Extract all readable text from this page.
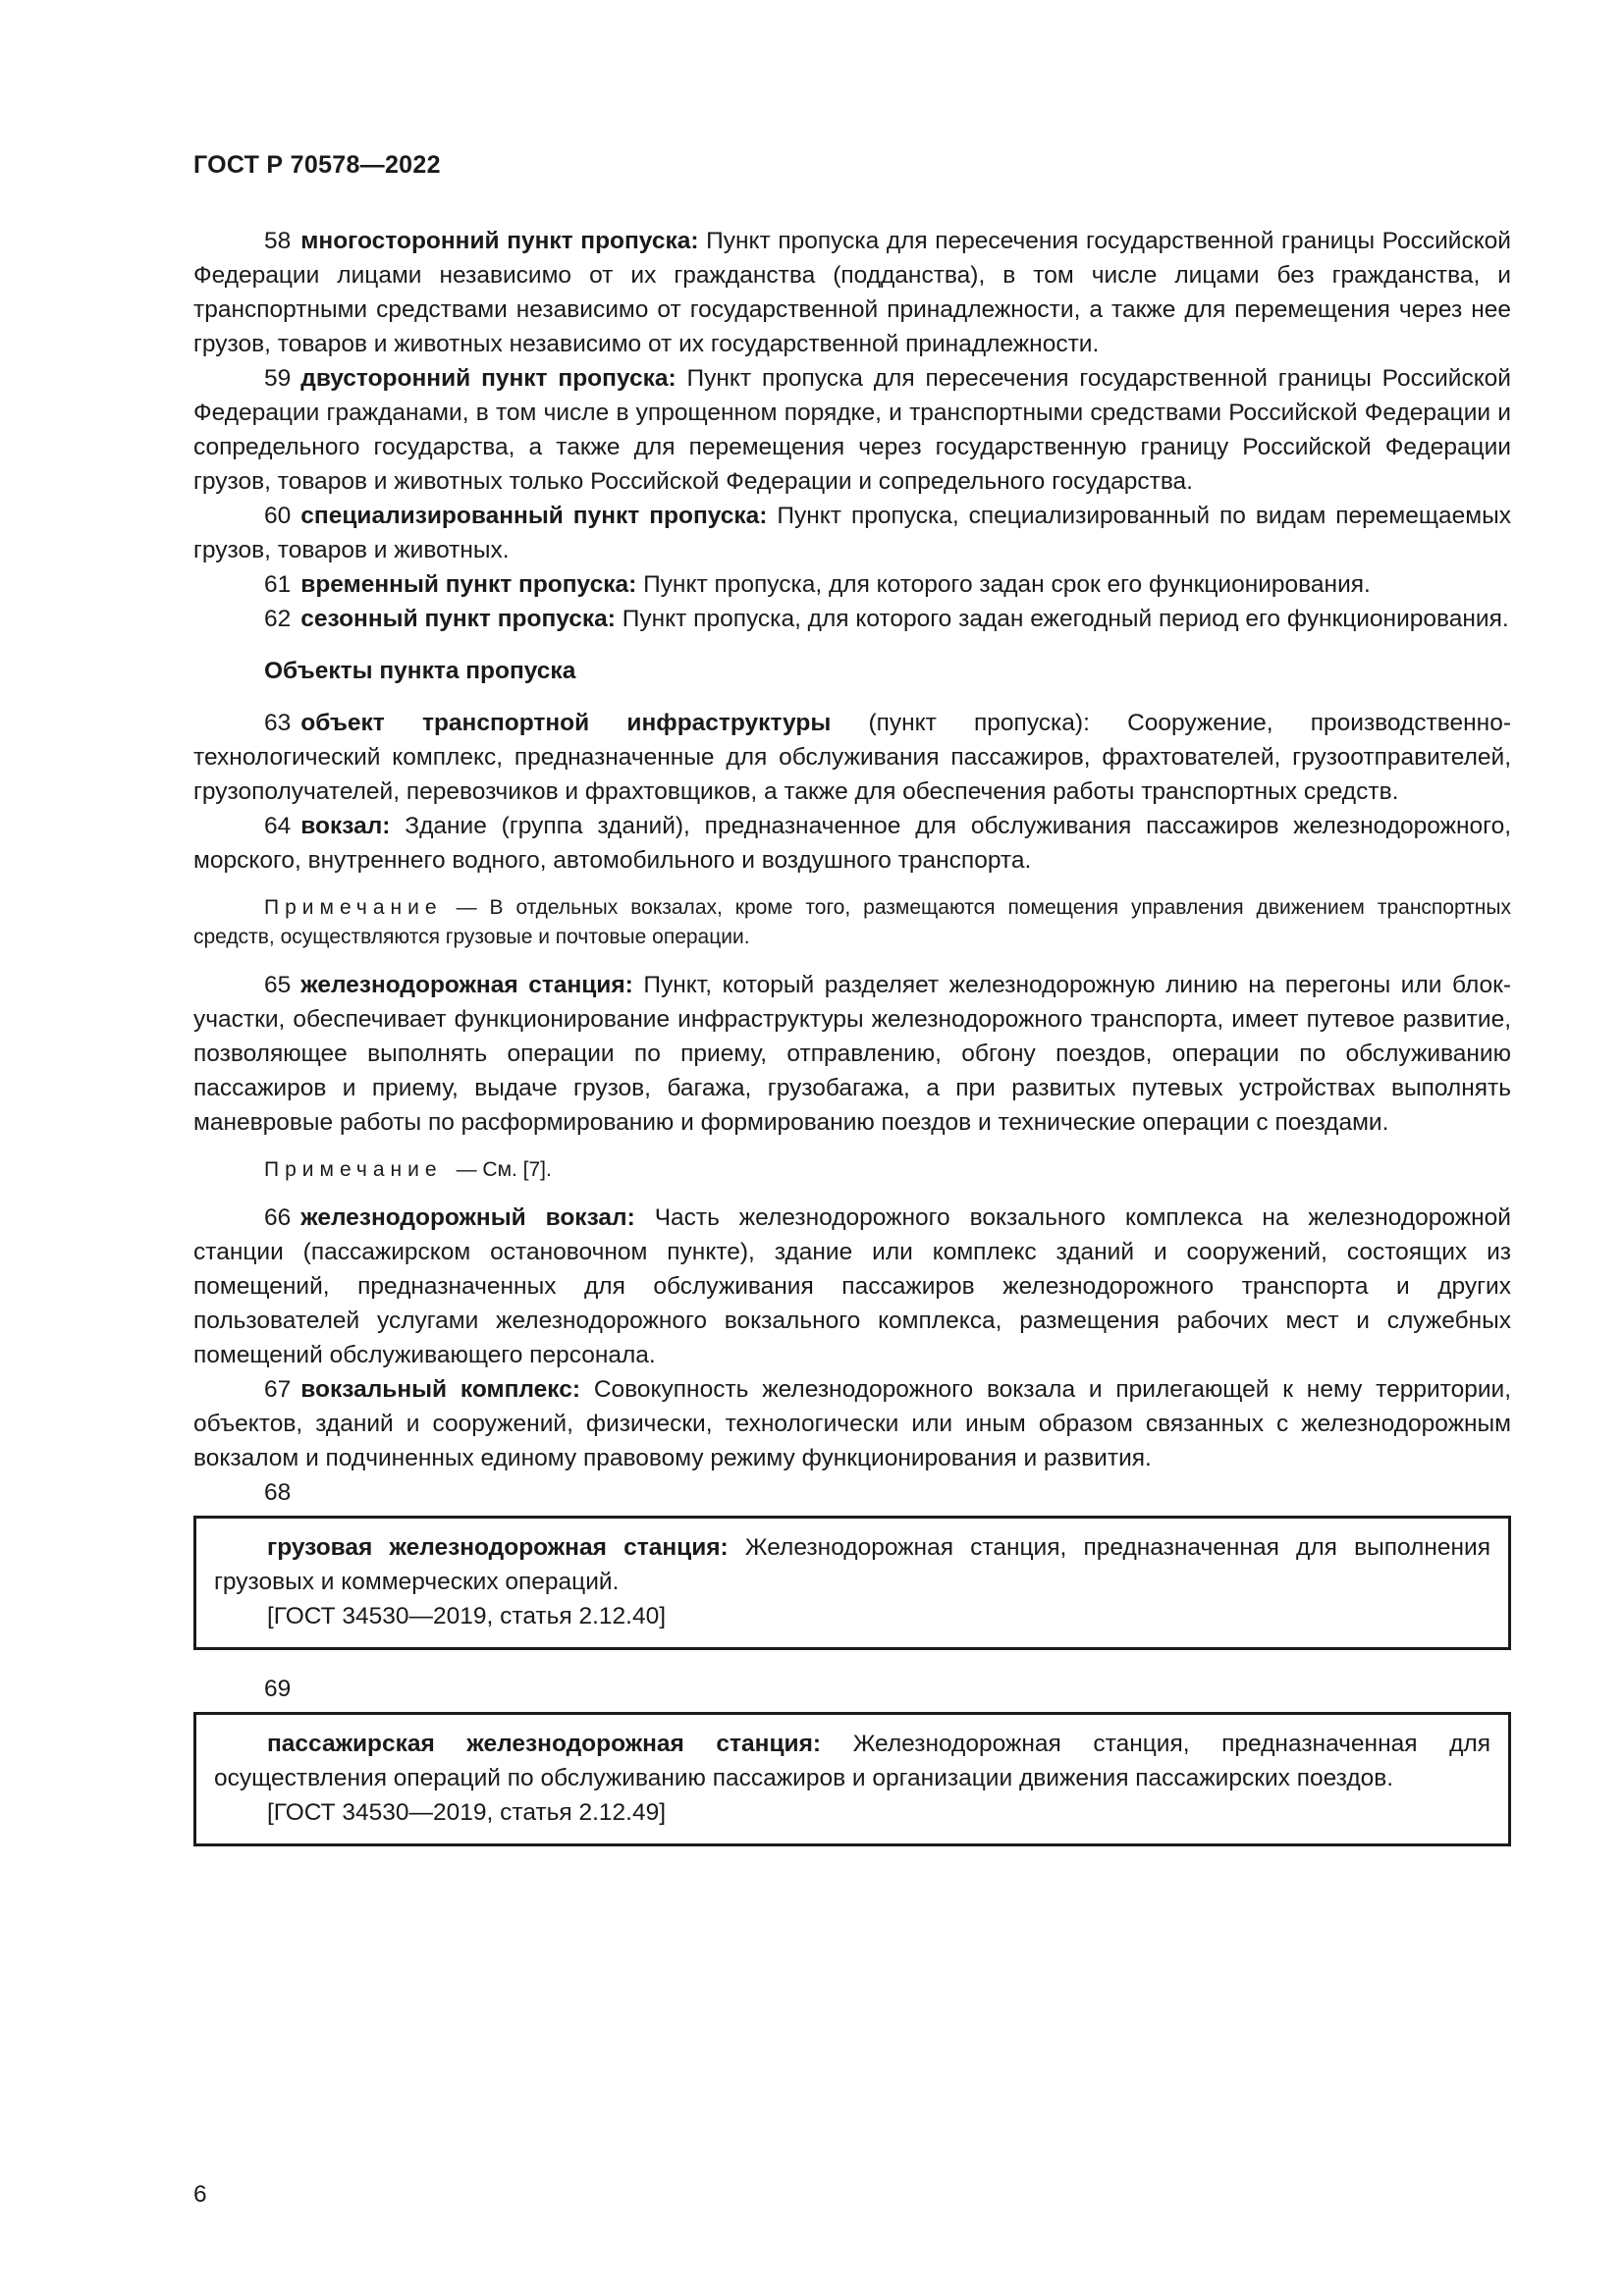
ГОСТ Р 70578—2022

58 многосторонний пункт пропуска: Пункт пропуска для пересечения государственной границы Российской Федерации лицами независимо от их гражданства (подданства), в том числе лицами без гражданства, и транспортными средствами независимо от государственной принадлежности, а также для перемещения через нее грузов, товаров и животных независимо от их государственной принадлежности.

59 двусторонний пункт пропуска: Пункт пропуска для пересечения государственной границы Российской Федерации гражданами, в том числе в упрощенном порядке, и транспортными средствами Российской Федерации и сопредельного государства, а также для перемещения через государственную границу Российской Федерации грузов, товаров и животных только Российской Федерации и сопредельного государства.

60 специализированный пункт пропуска: Пункт пропуска, специализированный по видам перемещаемых грузов, товаров и животных.

61 временный пункт пропуска: Пункт пропуска, для которого задан срок его функционирования.

62 сезонный пункт пропуска: Пункт пропуска, для которого задан ежегодный период его функционирования.

Объекты пункта пропуска

63 объект транспортной инфраструктуры (пункт пропуска): Сооружение, производственно-технологический комплекс, предназначенные для обслуживания пассажиров, фрахтователей, грузоотправителей, грузополучателей, перевозчиков и фрахтовщиков, а также для обеспечения работы транспортных средств.

64 вокзал: Здание (группа зданий), предназначенное для обслуживания пассажиров железнодорожного, морского, внутреннего водного, автомобильного и воздушного транспорта.

Примечание — В отдельных вокзалах, кроме того, размещаются помещения управления движением транспортных средств, осуществляются грузовые и почтовые операции.

65 железнодорожная станция: Пункт, который разделяет железнодорожную линию на перегоны или блок-участки, обеспечивает функционирование инфраструктуры железнодорожного транспорта, имеет путевое развитие, позволяющее выполнять операции по приему, отправлению, обгону поездов, операции по обслуживанию пассажиров и приему, выдаче грузов, багажа, грузобагажа, а при развитых путевых устройствах выполнять маневровые работы по расформированию и формированию поездов и технические операции с поездами.

Примечание — См. [7].

66 железнодорожный вокзал: Часть железнодорожного вокзального комплекса на железнодорожной станции (пассажирском остановочном пункте), здание или комплекс зданий и сооружений, состоящих из помещений, предназначенных для обслуживания пассажиров железнодорожного транспорта и других пользователей услугами железнодорожного вокзального комплекса, размещения рабочих мест и служебных помещений обслуживающего персонала.

67 вокзальный комплекс: Совокупность железнодорожного вокзала и прилегающей к нему территории, объектов, зданий и сооружений, физически, технологически или иным образом связанных с железнодорожным вокзалом и подчиненных единому правовому режиму функционирования и развития.

68

грузовая железнодорожная станция: Железнодорожная станция, предназначенная для выполнения грузовых и коммерческих операций.

[ГОСТ 34530—2019, статья 2.12.40]

69

пассажирская железнодорожная станция: Железнодорожная станция, предназначенная для осуществления операций по обслуживанию пассажиров и организации движения пассажирских поездов.

[ГОСТ 34530—2019, статья 2.12.49]

6
